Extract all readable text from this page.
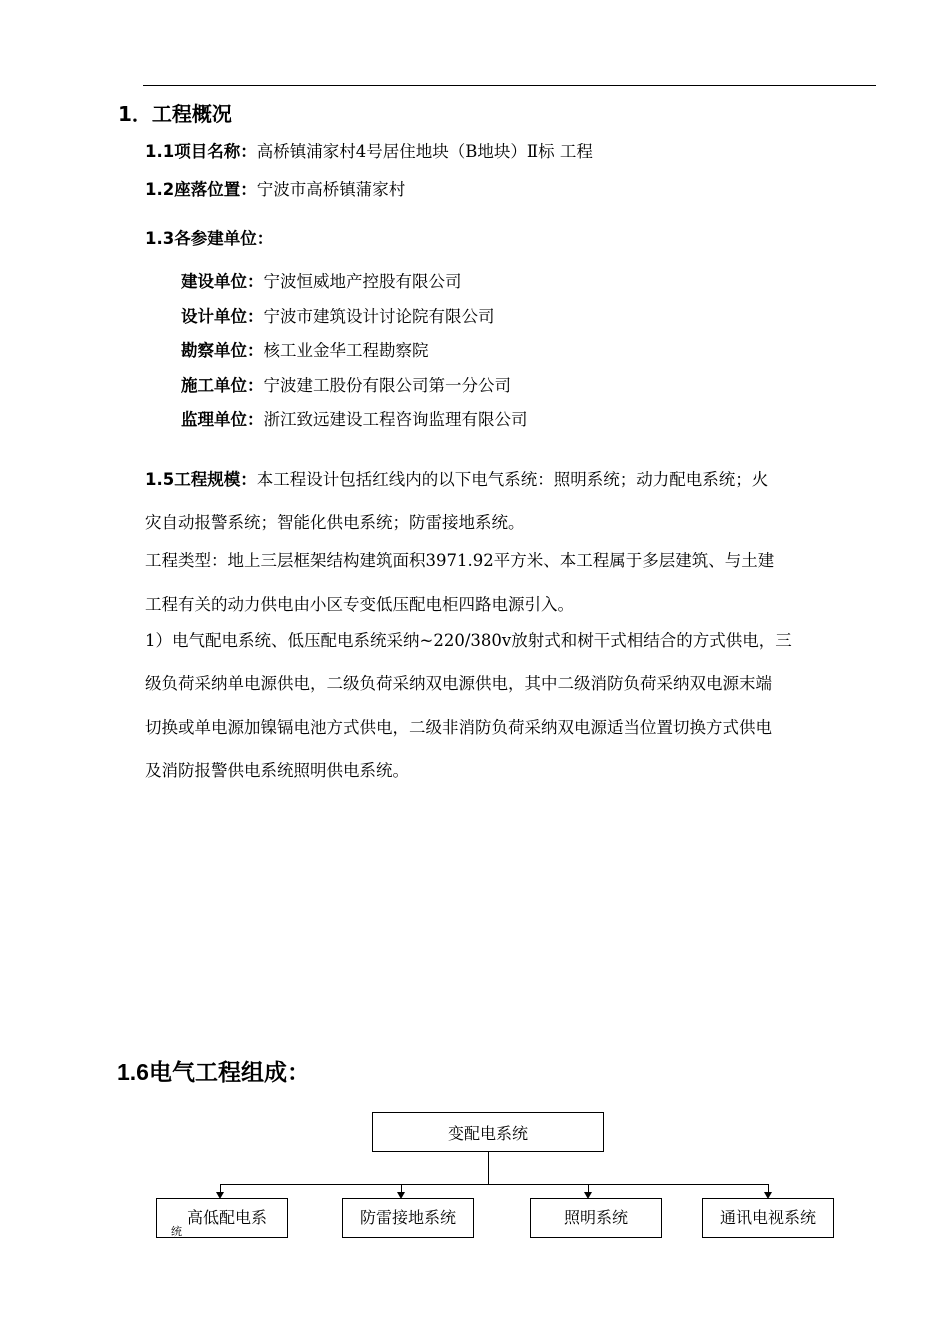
1．工程概况
1.1项目名称：高桥镇浦家村4号居住地块（B地块）Ⅱ标 工程
1.2座落位置：宁波市高桥镇蒲家村
1.3各参建单位：
建设单位：宁波恒威地产控股有限公司
设计单位：宁波市建筑设计讨论院有限公司
勘察单位：核工业金华工程勘察院
施工单位：宁波建工股份有限公司第一分公司
监理单位：浙江致远建设工程咨询监理有限公司
1.5工程规模：本工程设计包括红线内的以下电气系统：照明系统；动力配电系统；火
灾自动报警系统；智能化供电系统；防雷接地系统。
工程类型：地上三层框架结构建筑面积3971.92平方米、本工程属于多层建筑、与土建
工程有关的动力供电由小区专变低压配电柜四路电源引入。
1）电气配电系统、低压配电系统采纳~220/380v放射式和树干式相结合的方式供电，三
级负荷采纳单电源供电，二级负荷采纳双电源供电，其中二级消防负荷采纳双电源末端
切换或单电源加镍镉电池方式供电，二级非消防负荷采纳双电源适当位置切换方式供电
及消防报警供电系统照明供电系统。
1.6电气工程组成：
变配电系统
高低配电系
统
防雷接地系统	照明系统	通讯电视系统
